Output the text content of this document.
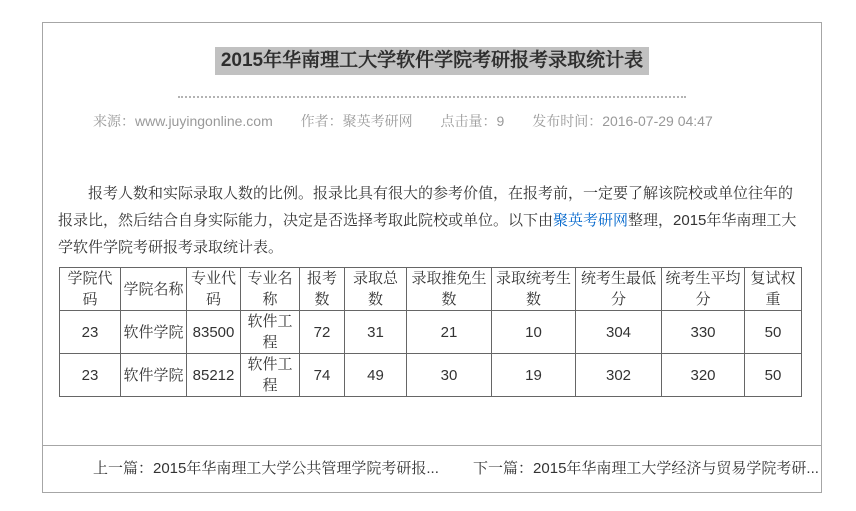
2015年华南理工大学软件学院考研报考录取统计表
来源：www.juyingonline.com 作者：聚英考研网 点击量：9 发布时间：2016-07-29 04:47

报考人数和实际录取人数的比例。报录比具有很大的参考价值，在报考前，一定要了解该院校或单位往年的报录比，然后结合自身实际能力，决定是否选择考取此院校或单位。以下由聚英考研网整理，2015年华南理工大学软件学院考研报考录取统计表。

学院代码	学院名称	专业代码	专业名称	报考数	录取总数	录取推免生数	录取统考生数	统考生最低分	统考生平均分	复试权重
23	软件学院	83500	软件工程	72	31	21	10	304	330	50
23	软件学院	85212	软件工程	74	49	30	19	302	320	50
上一篇：2015年华南理工大学公共管理学院考研报... 下一篇：2015年华南理工大学经济与贸易学院考研...
